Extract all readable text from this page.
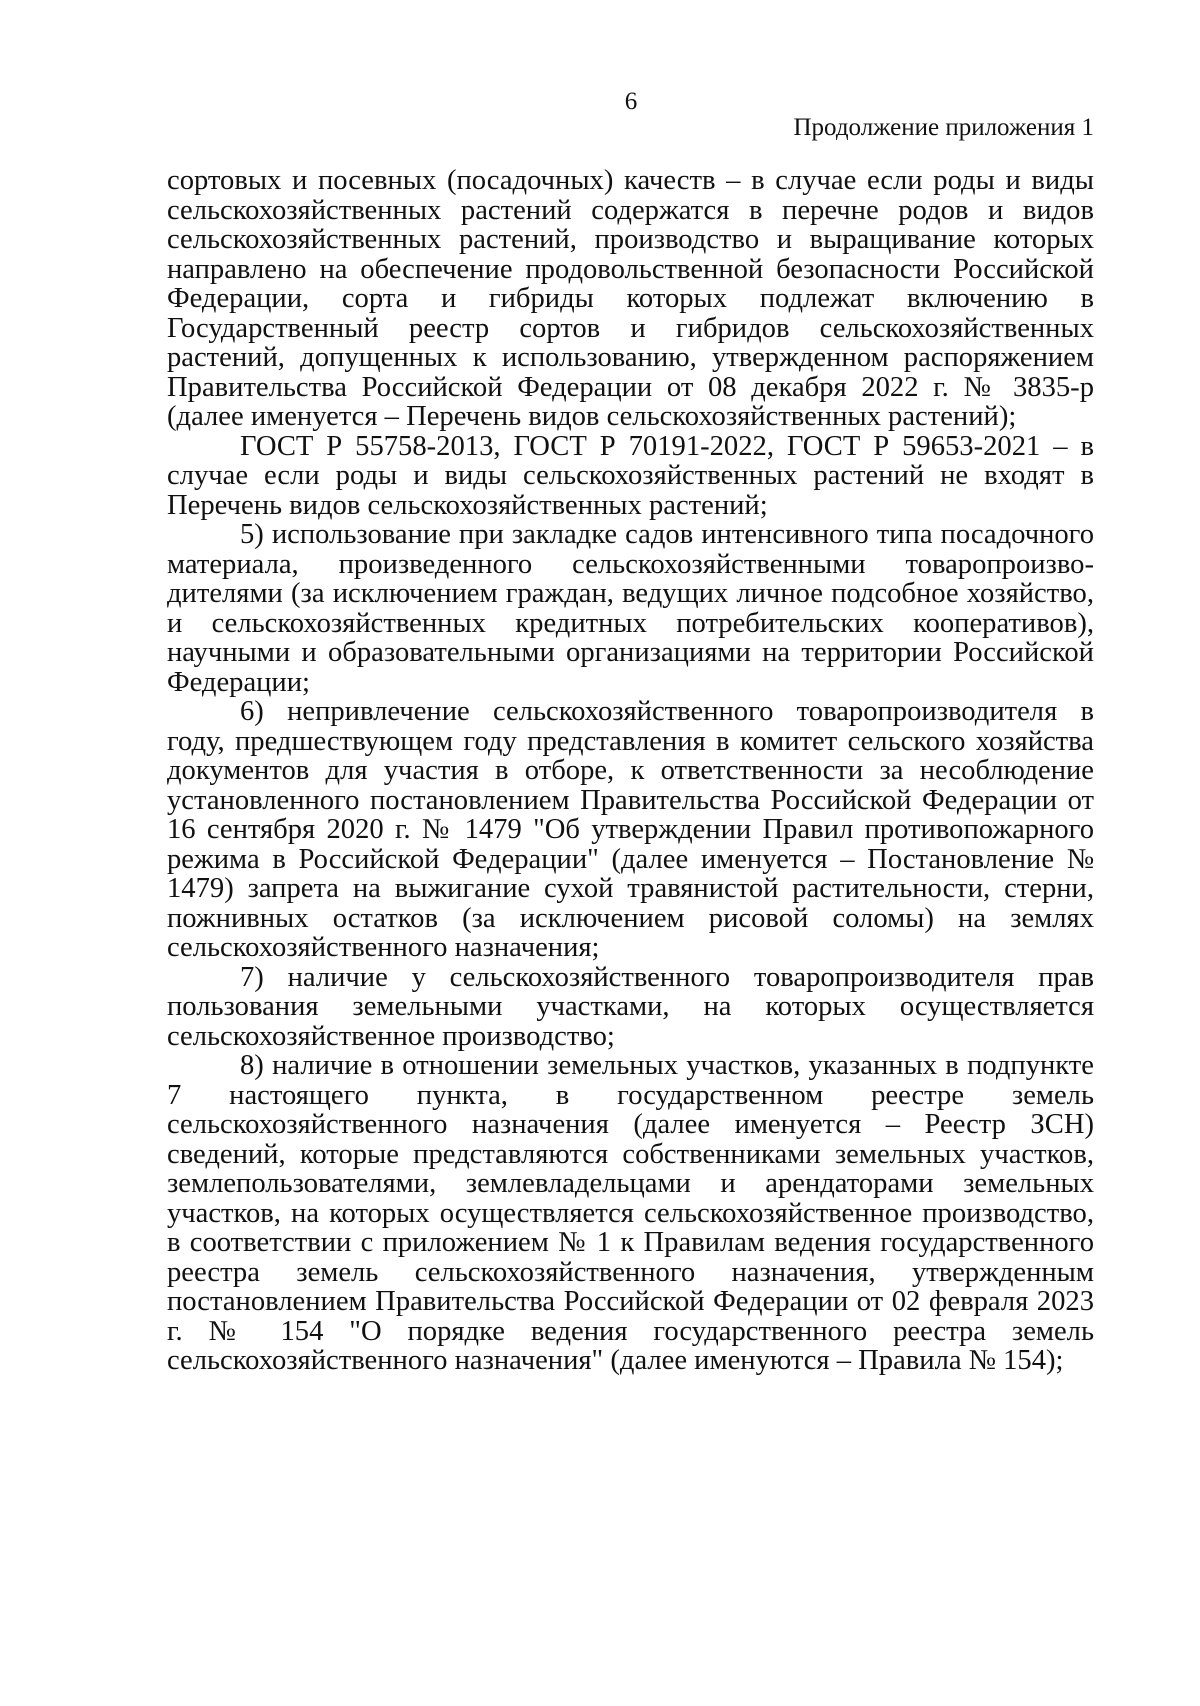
6
Продолжение приложения 1

сортовых и посевных (посадочных) качеств – в случае если роды и виды сельскохозяйственных растений содержатся в перечне родов и видов сельскохозяйственных растений, производство и выращивание которых направлено на обеспечение продовольственной безопасности Российской Федерации, сорта и гибриды которых подлежат включению в Государственный реестр сортов и гибридов сельскохозяйственных растений, допущенных к использованию, утвержденном распоряжением Правительства Российской Федерации от 08 декабря 2022 г. № 3835-р (далее именуется – Перечень видов сельскохозяйственных растений);

ГОСТ Р 55758-2013, ГОСТ Р 70191-2022, ГОСТ Р 59653-2021 – в случае если роды и виды сельскохозяйственных растений не входят в Перечень видов сельскохозяйственных растений;

5) использование при закладке садов интенсивного типа посадочного материала, произведенного сельскохозяйственными товаропроизводителями (за исключением граждан, ведущих личное подсобное хозяйство, и сельскохозяйственных кредитных потребительских кооперативов), научными и образовательными организациями на территории Российской Федерации;

6) непривлечение сельскохозяйственного товаропроизводителя в году, предшествующем году представления в комитет сельского хозяйства документов для участия в отборе, к ответственности за несоблюдение установленного постановлением Правительства Российской Федерации от 16 сентября 2020 г. № 1479 "Об утверждении Правил противопожарного режима в Российской Федерации" (далее именуется – Постановление № 1479) запрета на выжигание сухой травянистой растительности, стерни, пожнивных остатков (за исключением рисовой соломы) на землях сельскохозяйственного назначения;

7) наличие у сельскохозяйственного товаропроизводителя прав пользования земельными участками, на которых осуществляется сельскохозяйственное производство;

8) наличие в отношении земельных участков, указанных в подпункте 7 настоящего пункта, в государственном реестре земель сельскохозяйственного назначения (далее именуется – Реестр ЗСН) сведений, которые представляются собственниками земельных участков, землепользователями, землевладельцами и арендаторами земельных участков, на которых осуществляется сельскохозяйственное производство, в соответствии с приложением № 1 к Правилам ведения государственного реестра земель сельскохозяйственного назначения, утвержденным постановлением Правительства Российской Федерации от 02 февраля 2023 г. № 154 "О порядке ведения государственного реестра земель сельскохозяйственного назначения" (далее именуются – Правила № 154);
